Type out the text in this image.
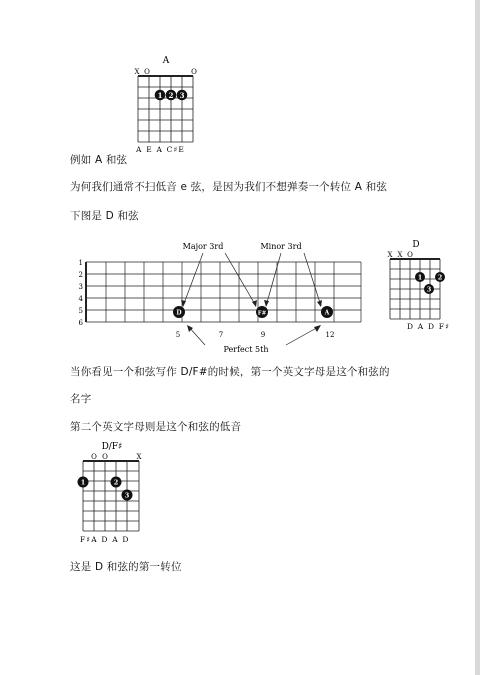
A
X O	O
1 2 3
A E A C♯E
例如 A 和弦
为何我们通常不扫低音 e 弦，是因为我们不想弹奏一个转位 A 和弦
下图是 D 和弦
1
2
3
4
5
6
Major 3rd	Minor 3rd
D	F#	A
5	7	9	12
Perfect 5th
D
X X O
1 2
3
D A D F♯
当你看见一个和弦写作 D/F#的时候，第一个英文字母是这个和弦的
名字
第二个英文字母则是这个和弦的低音
D/F♯
O O	X
1	2
3
F♯A D A D
这是 D 和弦的第一转位
